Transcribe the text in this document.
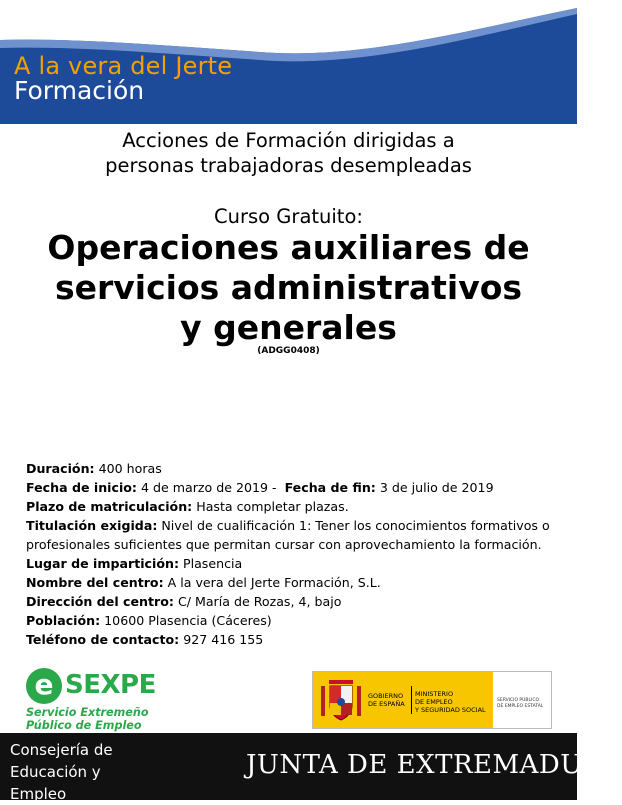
A la vera del Jerte
Formación
Acciones de Formación dirigidas a
personas trabajadoras desempleadas
Curso Gratuito:
Operaciones auxiliares de
servicios administrativos
y generales
(ADGG0408)
Duración: 400 horas
Fecha de inicio: 4 de marzo de 2019 - Fecha de fin: 3 de julio de 2019
Plazo de matriculación: Hasta completar plazas.
Titulación exigida: Nivel de cualificación 1: Tener los conocimientos formativos o profesionales suficientes que permitan cursar con aprovechamiento la formación.
Lugar de impartición: Plasencia
Nombre del centro: A la vera del Jerte Formación, S.L.
Dirección del centro: C/ María de Rozas, 4, bajo
Población: 10600 Plasencia (Cáceres)
Teléfono de contacto: 927 416 155
e SEXPE
Servicio Extremeño
Público de Empleo
GOBIERNO
DE ESPAÑA
MINISTERIO
DE EMPLEO
Y SEGURIDAD SOCIAL
SERVICIO PÚBLICO
DE EMPLEO ESTATAL
Consejería de Educación y
Empleo
JUNTA DE EXTREMADURA
